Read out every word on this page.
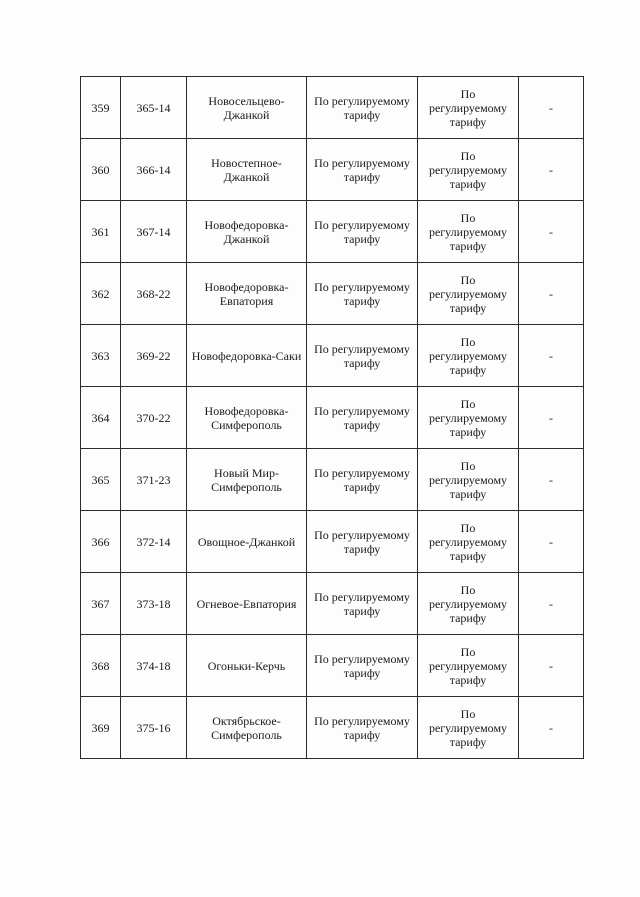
359	365-14	Новосельцево-Джанкой	По регулируемому тарифу	По регулируемому тарифу	-
360	366-14	Новостепное-Джанкой	По регулируемому тарифу	По регулируемому тарифу	-
361	367-14	Новофедоровка-Джанкой	По регулируемому тарифу	По регулируемому тарифу	-
362	368-22	Новофедоровка-Евпатория	По регулируемому тарифу	По регулируемому тарифу	-
363	369-22	Новофедоровка-Саки	По регулируемому тарифу	По регулируемому тарифу	-
364	370-22	Новофедоровка-Симферополь	По регулируемому тарифу	По регулируемому тарифу	-
365	371-23	Новый Мир-Симферополь	По регулируемому тарифу	По регулируемому тарифу	-
366	372-14	Овощное-Джанкой	По регулируемому тарифу	По регулируемому тарифу	-
367	373-18	Огневое-Евпатория	По регулируемому тарифу	По регулируемому тарифу	-
368	374-18	Огоньки-Керчь	По регулируемому тарифу	По регулируемому тарифу	-
369	375-16	Октябрьское-Симферополь	По регулируемому тарифу	По регулируемому тарифу	-
